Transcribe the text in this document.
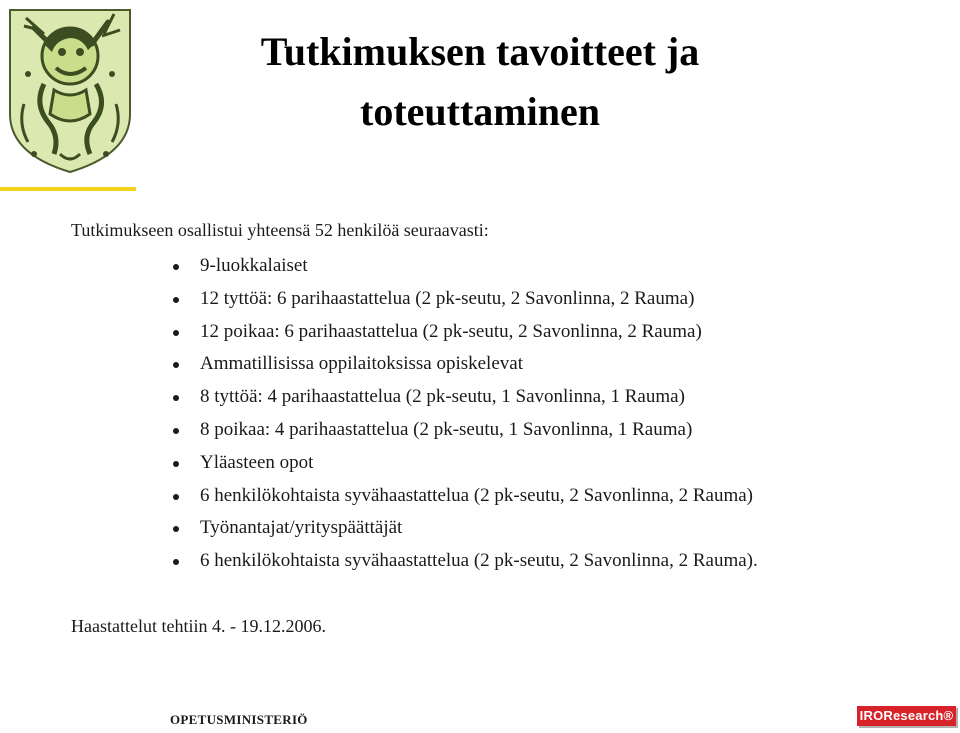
Tutkimuksen tavoitteet ja
toteuttaminen

Tutkimukseen osallistui yhteensä 52 henkilöä seuraavasti:

9-luokkalaiset
12 tyttöä: 6 parihaastattelua (2 pk-seutu, 2 Savonlinna, 2 Rauma)
12 poikaa: 6 parihaastattelua (2 pk-seutu, 2 Savonlinna, 2 Rauma)
Ammatillisissa oppilaitoksissa opiskelevat
8 tyttöä: 4 parihaastattelua (2 pk-seutu, 1 Savonlinna, 1 Rauma)
8 poikaa: 4 parihaastattelua (2 pk-seutu, 1 Savonlinna, 1 Rauma)
Yläasteen opot
6 henkilökohtaista syvähaastattelua (2 pk-seutu, 2 Savonlinna, 2 Rauma)
Työnantajat/yrityspäättäjät
6 henkilökohtaista syvähaastattelua (2 pk-seutu, 2 Savonlinna, 2 Rauma).

Haastattelut tehtiin 4. - 19.12.2006.

OPETUSMINISTERIÖ	IROResearch®
